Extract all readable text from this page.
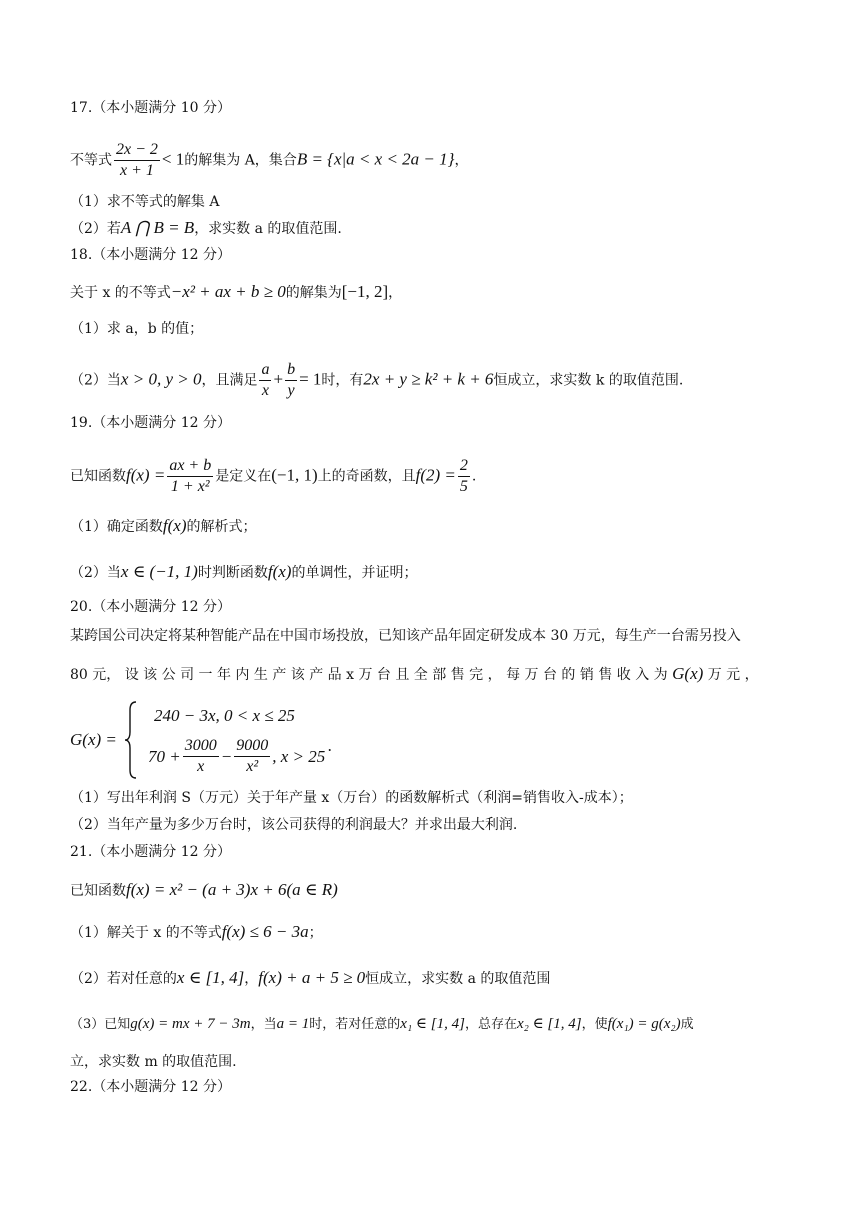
17.（本小题满分 10 分）
不等式 $\frac{2x - 2}{x + 1} < 1$的解集为 A，集合B = {x|a < x < 2a − 1}，
（1）求不等式的解集 A
（2）若A ⋂ B = B，求实数 a 的取值范围.
18.（本小题满分 12 分）
关于 x 的不等式−x² + ax + b ≥ 0的解集为[−1, 2]，
（1）求 a，b 的值；
（2）当x > 0, y > 0，且满足 $\frac{a}{x} + \frac{b}{y} = 1$时，有2x + y ≥ k² + k + 6恒成立，求实数 k 的取值范围.
19.（本小题满分 12 分）
已知函数$f(x) = \frac{ax + b}{\text{1 + x²}}$ 是定义在(−1, 1)上的奇函数，且$f(2) = \frac{2}{5}$ .
（1）确定函数f(x)的解析式；
（2）当x ∈ (−1, 1)时判断函数f(x)的单调性，并证明；
20.（本小题满分 12 分）
某跨国公司决定将某种智能产品在中国市场投放，已知该产品年固定研发成本 30 万元，每生产一台需另投入
80 元， 设 该 公 司 一 年 内 生 产 该 产 品 x 万 台 且 全 部 售 完 ， 每 万 台 的 销 售 收 入 为 G(x) 万 元 ，
G(x) =
240 − 3x, 0 < x ≤ 25
$70 + \frac{3000}{x} - \frac{9000}{\text{x²}}$ , x > 25
.
（1）写出年利润 S（万元）关于年产量 x（万台）的函数解析式（利润=销售收入-成本）；
（2）当年产量为多少万台时，该公司获得的利润最大？并求出最大利润.
21.（本小题满分 12 分）
已知函数f(x) = x² − (a + 3)x + 6(a ∈ R)
（1）解关于 x 的不等式f(x) ≤ 6 − 3a；
（2）若对任意的x ∈ [1, 4]，f(x) + a + 5 ≥ 0恒成立，求实数 a 的取值范围
（3）已知g(x) = mx + 7 − 3m，当a = 1时，若对任意的x₁ ∈ [1, 4]，总存在x₂ ∈ [1, 4]，使f(x₁) = g(x₂)成
立，求实数 m 的取值范围.
22.（本小题满分 12 分）
